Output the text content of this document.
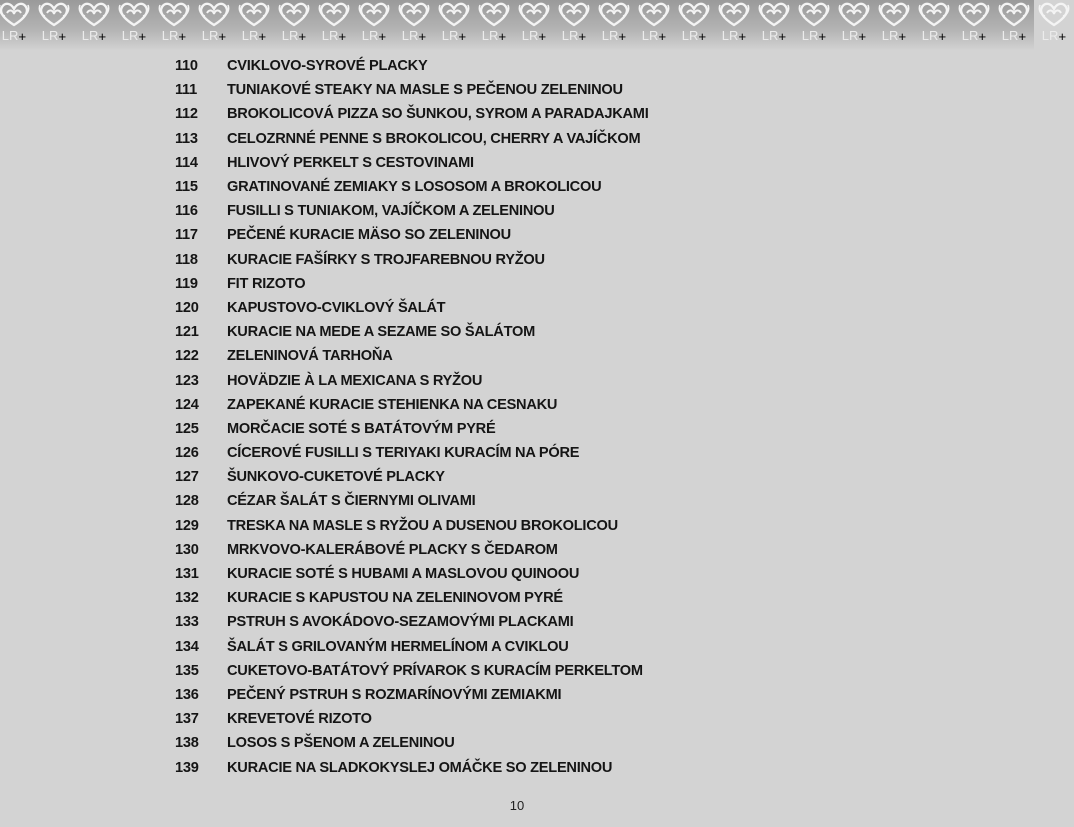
LR + LR + LR + LR + LR + LR + LR + LR + LR + LR + LR + LR + LR + LR + LR + LR + LR + LR + LR + LR + LR + LR + LR + LR + LR + LR + LR +
110	CVIKLOVO-SYROVÉ PLACKY
111	TUNIAKOVÉ STEAKY NA MASLE S PEČENOU ZELENINOU
112	BROKOLICOVÁ PIZZA SO ŠUNKOU, SYROM A PARADAJKAMI
113	CELOZRNNÉ PENNE S BROKOLICOU, CHERRY A VAJÍČKOM
114	HLIVOVÝ PERKELT S CESTOVINAMI
115	GRATINOVANÉ ZEMIAKY S LOSOSOM A BROKOLICOU
116	FUSILLI S TUNIAKOM, VAJÍČKOM A ZELENINOU
117	PEČENÉ KURACIE MÄSO SO ZELENINOU
118	KURACIE FAŠÍRKY S TROJFAREBNOU RYŽOU
119	FIT RIZOTO
120	KAPUSTOVO-CVIKLOVÝ ŠALÁT
121	KURACIE NA MEDE A SEZAME SO ŠALÁTOM
122	ZELENINOVÁ TARHOŇA
123	HOVÄDZIE À LA MEXICANA S RYŽOU
124	ZAPEKANÉ KURACIE STEHIENKA NA CESNAKU
125	MORČACIE SOTÉ S BATÁTOVÝM PYRÉ
126	CÍCEROVÉ FUSILLI S TERIYAKI KURACÍM NA PÓRE
127	ŠUNKOVO-CUKETOVÉ PLACKY
128	CÉZAR ŠALÁT S ČIERNYMI OLIVAMI
129	TRESKA NA MASLE S RYŽOU A DUSENOU BROKOLICOU
130	MRKVOVO-KALERÁBOVÉ PLACKY S ČEDAROM
131	KURACIE SOTÉ S HUBAMI A MASLOVOU QUINOOU
132	KURACIE S KAPUSTOU NA ZELENINOVOM PYRÉ
133	PSTRUH S AVOKÁDOVO-SEZAMOVÝMI PLACKAMI
134	ŠALÁT S GRILOVANÝM HERMELÍNOM A CVIKLOU
135	CUKETOVO-BATÁTOVÝ PRÍVAROK S KURACÍM PERKELTOM
136	PEČENÝ PSTRUH S ROZMARÍNOVÝMI ZEMIAKMI
137	KREVETOVÉ RIZOTO
138	LOSOS S PŠENOM A ZELENINOU
139	KURACIE NA SLADKOKYSLEJ OMÁČKE SO ZELENINOU
10
